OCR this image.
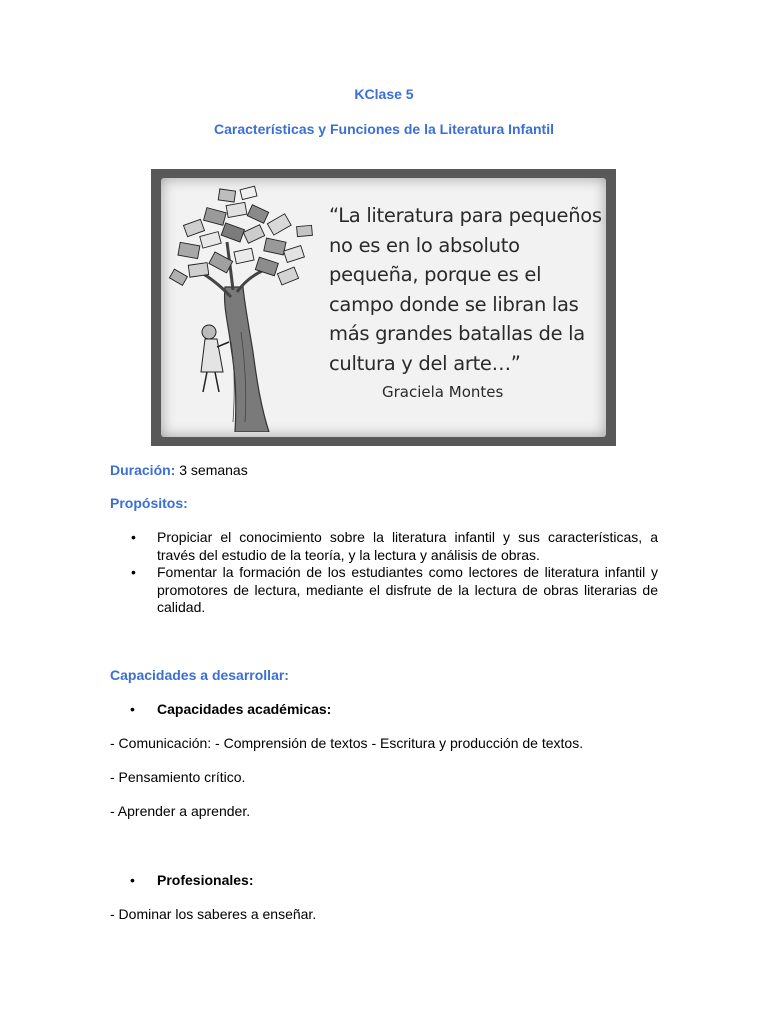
KClase 5
Características y Funciones de la Literatura Infantil
“La literatura para pequeños
no es en lo absoluto
pequeña, porque es el
campo donde se libran las
más grandes batallas de la
cultura y del arte…”
Graciela Montes
Duración: 3 semanas
Propósitos:
• Propiciar el conocimiento sobre la literatura infantil y sus características, a través del estudio de la teoría, y la lectura y análisis de obras.
• Fomentar la formación de los estudiantes como lectores de literatura infantil y promotores de lectura, mediante el disfrute de la lectura de obras literarias de calidad.
Capacidades a desarrollar:
• Capacidades académicas:
- Comunicación: - Comprensión de textos - Escritura y producción de textos.
- Pensamiento crítico.
- Aprender a aprender.
• Profesionales:
- Dominar los saberes a enseñar.
